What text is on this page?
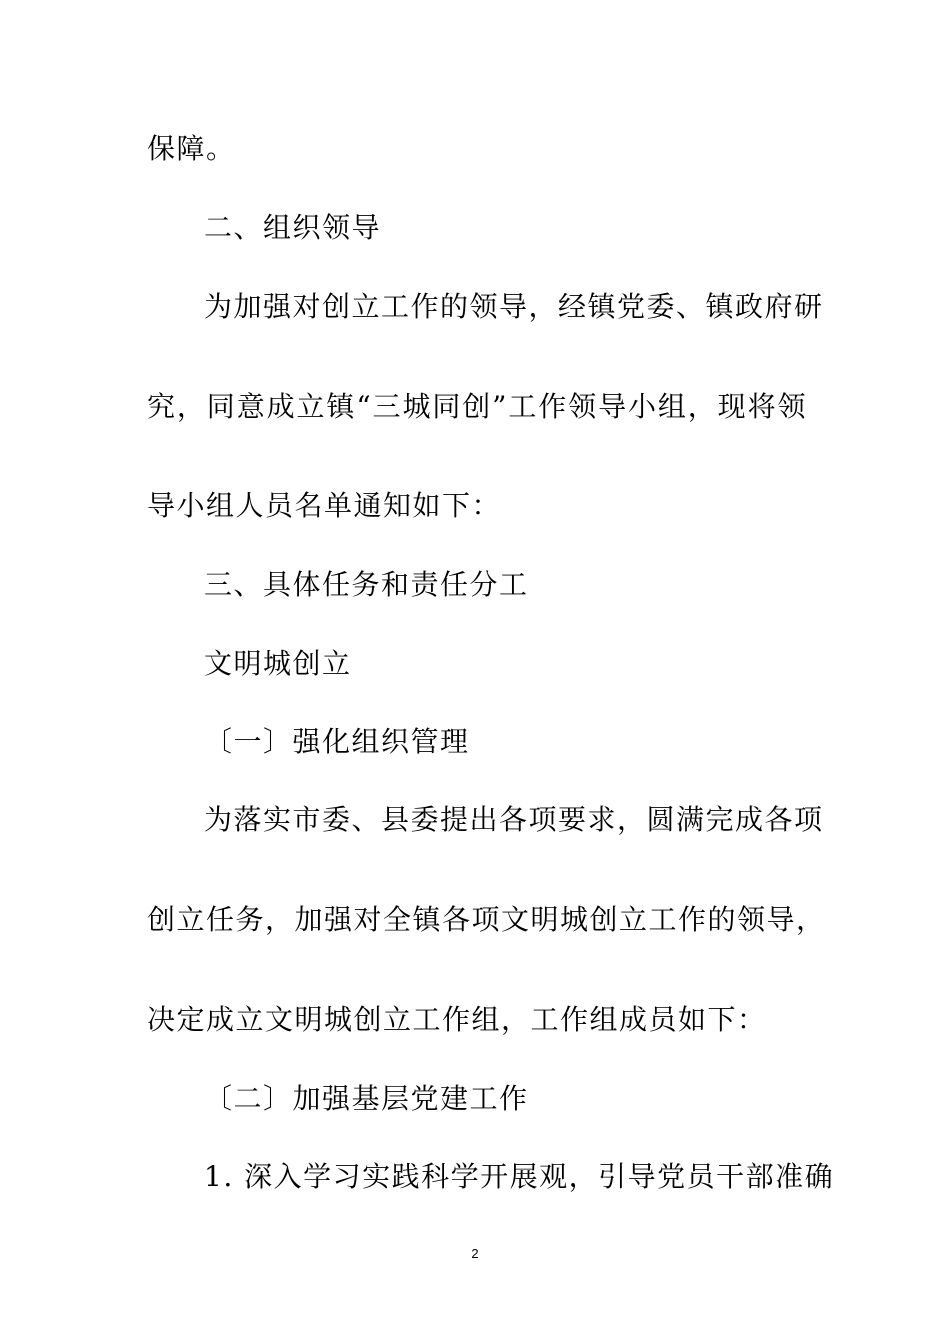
保障。
二、组织领导
为加强对创立工作的领导，经镇党委、镇政府研
究，同意成立镇“三城同创”工作领导小组，现将领
导小组人员名单通知如下：
三、具体任务和责任分工
文明城创立
〔一〕强化组织管理
为落实市委、县委提出各项要求，圆满完成各项
创立任务，加强对全镇各项文明城创立工作的领导，
决定成立文明城创立工作组，工作组成员如下：
〔二〕加强基层党建工作
1. 深入学习实践科学开展观，引导党员干部准确
2
